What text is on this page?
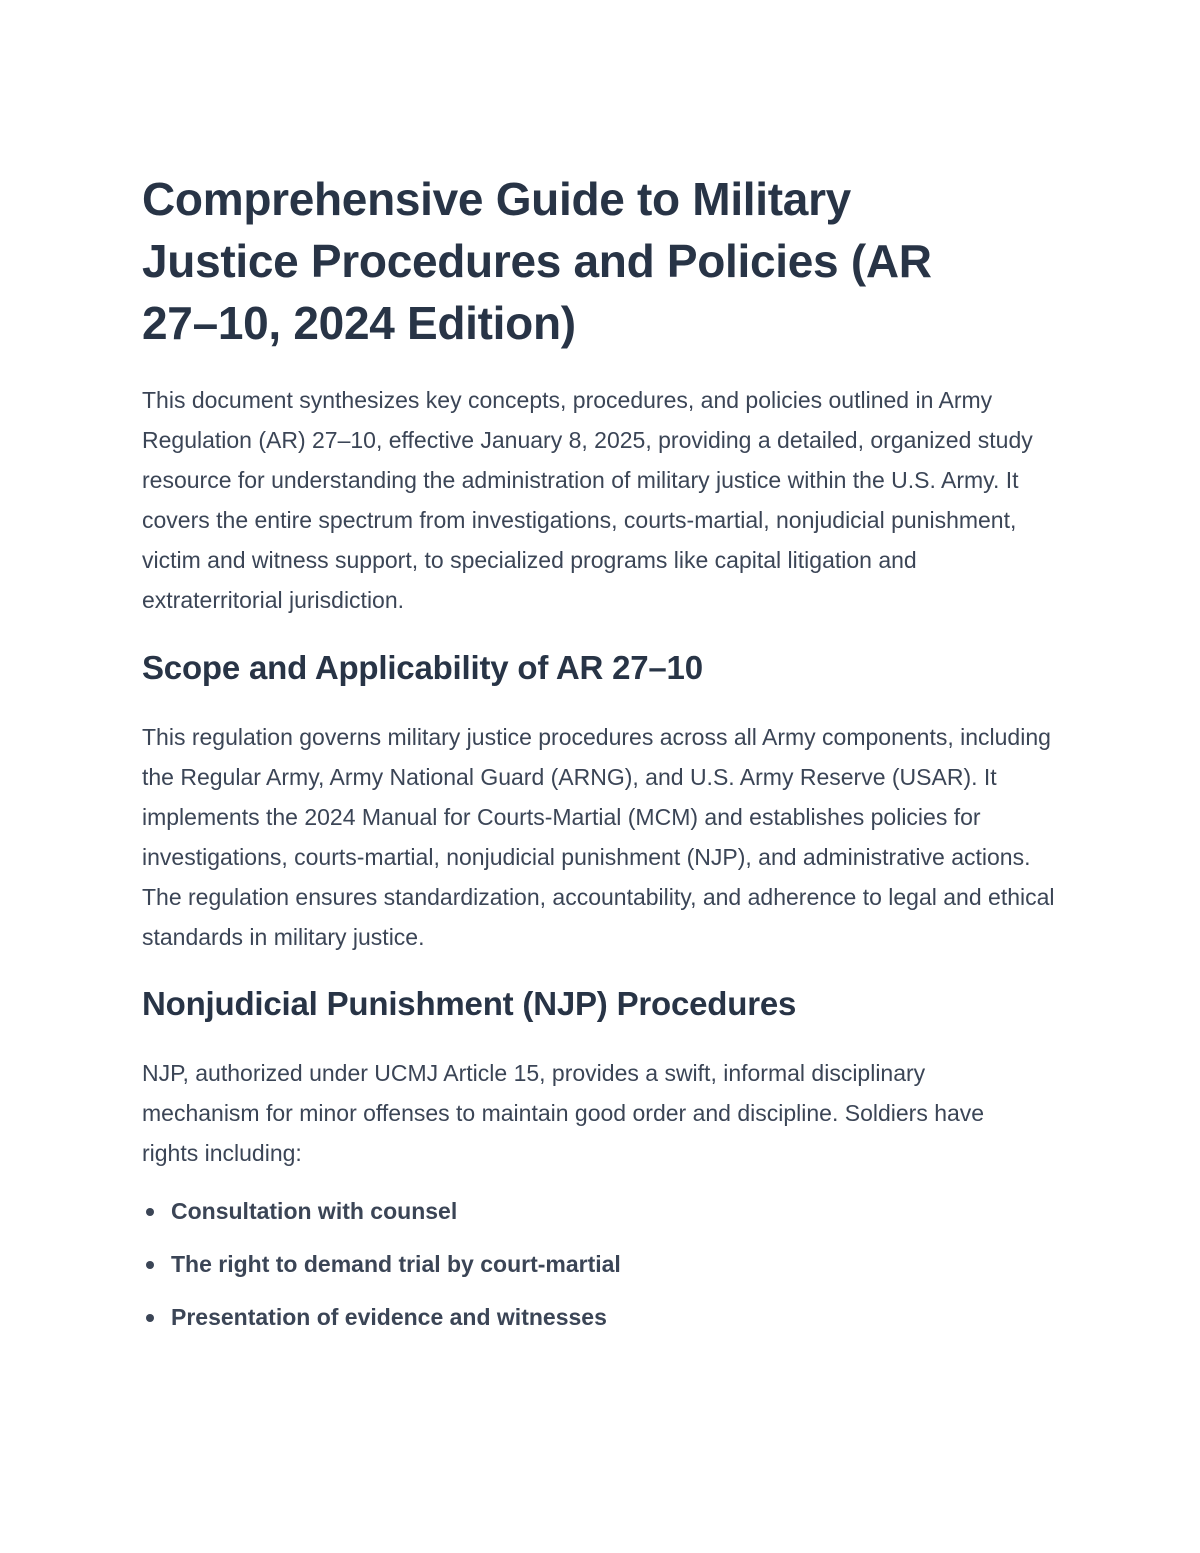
Comprehensive Guide to Military Justice Procedures and Policies (AR 27–10, 2024 Edition)

This document synthesizes key concepts, procedures, and policies outlined in Army Regulation (AR) 27–10, effective January 8, 2025, providing a detailed, organized study resource for understanding the administration of military justice within the U.S. Army. It covers the entire spectrum from investigations, courts-martial, nonjudicial punishment, victim and witness support, to specialized programs like capital litigation and extraterritorial jurisdiction.

Scope and Applicability of AR 27–10

This regulation governs military justice procedures across all Army components, including the Regular Army, Army National Guard (ARNG), and U.S. Army Reserve (USAR). It implements the 2024 Manual for Courts-Martial (MCM) and establishes policies for investigations, courts-martial, nonjudicial punishment (NJP), and administrative actions. The regulation ensures standardization, accountability, and adherence to legal and ethical standards in military justice.

Nonjudicial Punishment (NJP) Procedures

NJP, authorized under UCMJ Article 15, provides a swift, informal disciplinary mechanism for minor offenses to maintain good order and discipline. Soldiers have rights including:

Consultation with counsel
The right to demand trial by court-martial
Presentation of evidence and witnesses
